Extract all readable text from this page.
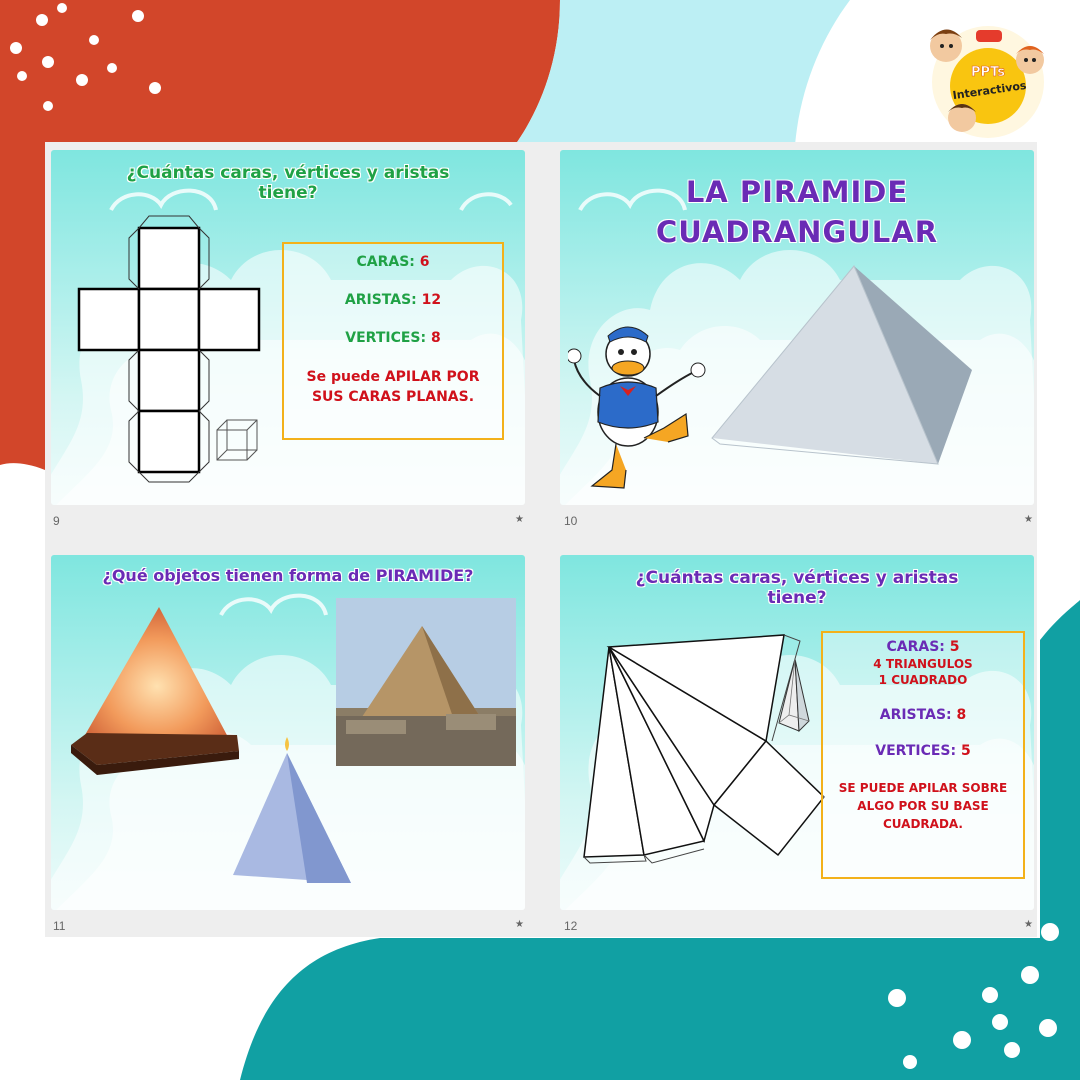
PPTs
Interactivos
¿Cuántas caras, vértices y aristas tiene?
CARAS: 6
ARISTAS: 12
VERTICES: 8
Se puede APILAR POR SUS CARAS PLANAS.
9	★
LA PIRAMIDE
CUADRANGULAR
10	★
¿Qué objetos tienen forma de PIRAMIDE?
11	★
¿Cuántas caras, vértices y aristas tiene?
CARAS: 5
4 TRIANGULOS
1 CUADRADO
ARISTAS: 8
VERTICES: 5
SE PUEDE APILAR SOBRE ALGO POR SU BASE CUADRADA.
12	★
